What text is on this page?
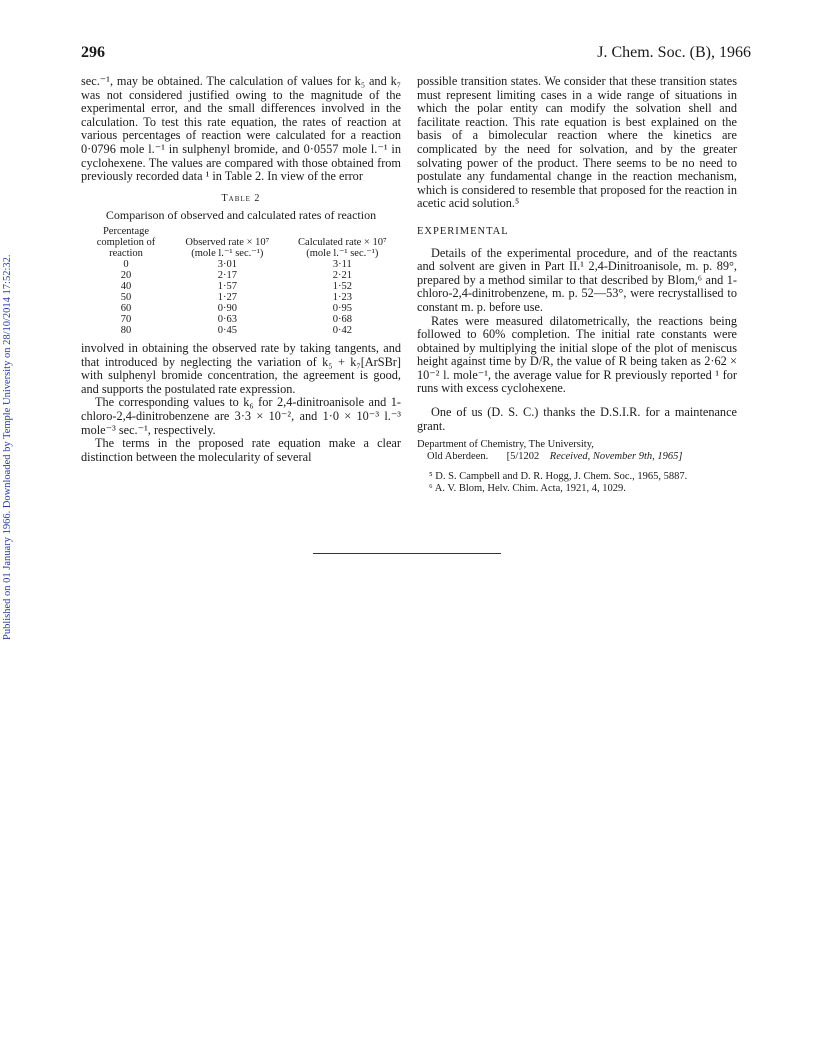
Published on 01 January 1966. Downloaded by Temple University on 28/10/2014 17:52:32.
296	J. Chem. Soc. (B), 1966

sec.⁻¹, may be obtained. The calculation of values for k₅ and k₇ was not considered justified owing to the magnitude of the experimental error, and the small differences involved in the calculation. To test this rate equation, the rates of reaction at various percentages of reaction were calculated for a reaction 0·0796 mole l.⁻¹ in sulphenyl bromide, and 0·0557 mole l.⁻¹ in cyclohexene. The values are compared with those obtained from previously recorded data ¹ in Table 2. In view of the error

Table 2
Comparison of observed and calculated rates of reaction
Percentage completion of reaction	Observed rate × 10⁷ (mole l.⁻¹ sec.⁻¹)	Calculated rate × 10⁷ (mole l.⁻¹ sec.⁻¹)
0	3·01	3·11
20	2·17	2·21
40	1·57	1·52
50	1·27	1·23
60	0·90	0·95
70	0·63	0·68
80	0·45	0·42

involved in obtaining the observed rate by taking tangents, and that introduced by neglecting the variation of k₅ + k₇[ArSBr] with sulphenyl bromide concentration, the agreement is good, and supports the postulated rate expression.

The corresponding values to k₆ for 2,4-dinitroanisole and 1-chloro-2,4-dinitrobenzene are 3·3 × 10⁻², and 1·0 × 10⁻³ l.⁻³ mole⁻³ sec.⁻¹, respectively.

The terms in the proposed rate equation make a clear distinction between the molecularity of several

possible transition states. We consider that these transition states must represent limiting cases in a wide range of situations in which the polar entity can modify the solvation shell and facilitate reaction. This rate equation is best explained on the basis of a bimolecular reaction where the kinetics are complicated by the need for solvation, and by the greater solvating power of the product. There seems to be no need to postulate any fundamental change in the reaction mechanism, which is considered to resemble that proposed for the reaction in acetic acid solution.⁵

EXPERIMENTAL

Details of the experimental procedure, and of the reactants and solvent are given in Part II.¹ 2,4-Dinitroanisole, m. p. 89°, prepared by a method similar to that described by Blom,⁶ and 1-chloro-2,4-dinitrobenzene, m. p. 52—53°, were recrystallised to constant m. p. before use.

Rates were measured dilatometrically, the reactions being followed to 60% completion. The initial rate constants were obtained by multiplying the initial slope of the plot of meniscus height against time by D/R, the value of R being taken as 2·62 × 10⁻² l. mole⁻¹, the average value for R previously reported ¹ for runs with excess cyclohexene.

One of us (D. S. C.) thanks the D.S.I.R. for a maintenance grant.

Department of Chemistry, The University,
Old Aberdeen. [5/1202 Received, November 9th, 1965]
⁵ D. S. Campbell and D. R. Hogg, J. Chem. Soc., 1965, 5887.
⁶ A. V. Blom, Helv. Chim. Acta, 1921, 4, 1029.
